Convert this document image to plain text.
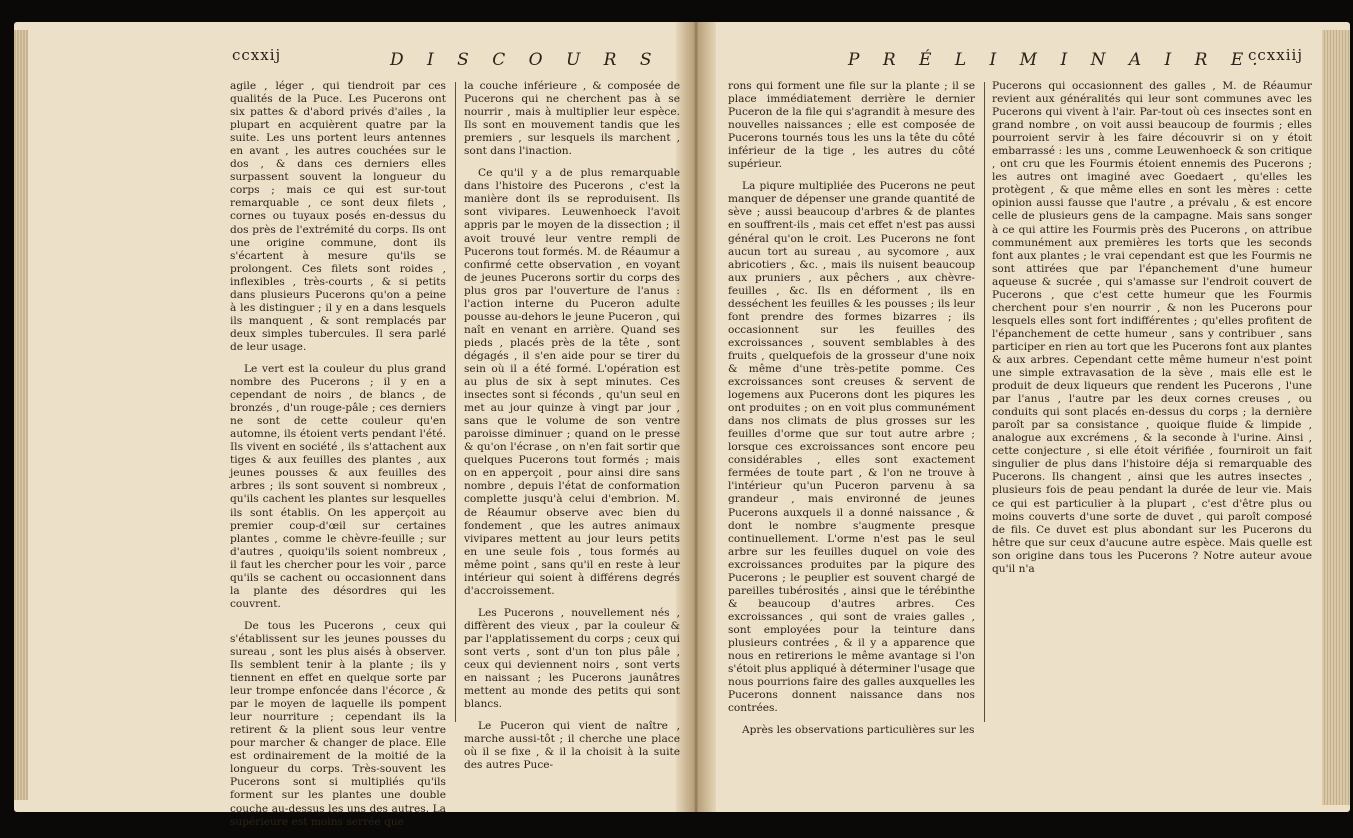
ccxxij	D I S C O U R S

agile , léger , qui tiendroit par ces qualités de la Puce. Les Pucerons ont six pattes & d'abord privés d'ailes , la plupart en acquièrent quatre par la suite. Les uns portent leurs antennes en avant , les autres couchées sur le dos , & dans ces derniers elles surpassent souvent la longueur du corps ; mais ce qui est sur-tout remarquable , ce sont deux filets , cornes ou tuyaux posés en-dessus du dos près de l'extrémité du corps. Ils ont une origine commune, dont ils s'écartent à mesure qu'ils se prolongent. Ces filets sont roides , inflexibles , très-courts , & si petits dans plusieurs Pucerons qu'on a peine à les distinguer ; il y en a dans lesquels ils manquent , & sont remplacés par deux simples tubercules. Il sera parlé de leur usage.

Le vert est la couleur du plus grand nombre des Pucerons ; il y en a cependant de noirs , de blancs , de bronzés , d'un rouge-pâle ; ces derniers ne sont de cette couleur qu'en automne, ils étoient verts pendant l'été. Ils vivent en société , ils s'attachent aux tiges & aux feuilles des plantes , aux jeunes pousses & aux feuilles des arbres ; ils sont souvent si nombreux , qu'ils cachent les plantes sur lesquelles ils sont établis. On les apperçoit au premier coup-d'œil sur certaines plantes , comme le chèvre-feuille ; sur d'autres , quoiqu'ils soient nombreux , il faut les chercher pour les voir , parce qu'ils se cachent ou occasionnent dans la plante des désordres qui les couvrent.

De tous les Pucerons , ceux qui s'établissent sur les jeunes pousses du sureau , sont les plus aisés à observer. Ils semblent tenir à la plante ; ils y tiennent en effet en quelque sorte par leur trompe enfoncée dans l'écorce , & par le moyen de laquelle ils pompent leur nourriture ; cependant ils la retirent & la plient sous leur ventre pour marcher & changer de place. Elle est ordinairement de la moitié de la longueur du corps. Très-souvent les Pucerons sont si multipliés qu'ils forment sur les plantes une double couche au-dessus les uns des autres. La supérieure est moins serrée que

la couche inférieure , & composée de Pucerons qui ne cherchent pas à se nourrir , mais à multiplier leur espèce. Ils sont en mouvement tandis que les premiers , sur lesquels ils marchent , sont dans l'inaction.

Ce qu'il y a de plus remarquable dans l'histoire des Pucerons , c'est la manière dont ils se reproduisent. Ils sont vivipares. Leuwenhoeck l'avoit appris par le moyen de la dissection ; il avoit trouvé leur ventre rempli de Pucerons tout formés. M. de Réaumur a confirmé cette observation , en voyant de jeunes Pucerons sortir du corps des plus gros par l'ouverture de l'anus : l'action interne du Puceron adulte pousse au-dehors le jeune Puceron , qui naît en venant en arrière. Quand ses pieds , placés près de la tête , sont dégagés , il s'en aide pour se tirer du sein où il a été formé. L'opération est au plus de six à sept minutes. Ces insectes sont si féconds , qu'un seul en met au jour quinze à vingt par jour , sans que le volume de son ventre paroisse diminuer ; quand on le presse & qu'on l'écrase , on n'en fait sortir que quelques Pucerons tout formés ; mais on en apperçoit , pour ainsi dire sans nombre , depuis l'état de conformation complette jusqu'à celui d'embrion. M. de Réaumur observe avec bien du fondement , que les autres animaux vivipares mettent au jour leurs petits en une seule fois , tous formés au même point , sans qu'il en reste à leur intérieur qui soient à différens degrés d'accroissement.

Les Pucerons , nouvellement nés , diffèrent des vieux , par la couleur & par l'applatissement du corps ; ceux qui sont verts , sont d'un ton plus pâle , ceux qui deviennent noirs , sont verts en naissant ; les Pucerons jaunâtres mettent au monde des petits qui sont blancs.

Le Puceron qui vient de naître , marche aussi-tôt ; il cherche une place où il se fixe , & il la choisit à la suite des autres Puce-

P R É L I M I N A I R E.
ccxxiij

rons qui forment une file sur la plante ; il se place immédiatement derrière le dernier Puceron de la file qui s'agrandit à mesure des nouvelles naissances ; elle est composée de Pucerons tournés tous les uns la tête du côté inférieur de la tige , les autres du côté supérieur.

La piqure multipliée des Pucerons ne peut manquer de dépenser une grande quantité de sève ; aussi beaucoup d'arbres & de plantes en souffrent-ils , mais cet effet n'est pas aussi général qu'on le croit. Les Pucerons ne font aucun tort au sureau , au sycomore , aux abricotiers , &c. , mais ils nuisent beaucoup aux pruniers , aux pêchers , aux chèvre-feuilles , &c. Ils en déforment , ils en desséchent les feuilles & les pousses ; ils leur font prendre des formes bizarres ; ils occasionnent sur les feuilles des excroissances , souvent semblables à des fruits , quelquefois de la grosseur d'une noix & même d'une très-petite pomme. Ces excroissances sont creuses & servent de logemens aux Pucerons dont les piqures les ont produites ; on en voit plus communément dans nos climats de plus grosses sur les feuilles d'orme que sur tout autre arbre ; lorsque ces excroissances sont encore peu considérables , elles sont exactement fermées de toute part , & l'on ne trouve à l'intérieur qu'un Puceron parvenu à sa grandeur , mais environné de jeunes Pucerons auxquels il a donné naissance , & dont le nombre s'augmente presque continuellement. L'orme n'est pas le seul arbre sur les feuilles duquel on voie des excroissances produites par la piqure des Pucerons ; le peuplier est souvent chargé de pareilles tubérosités , ainsi que le térébinthe & beaucoup d'autres arbres. Ces excroissances , qui sont de vraies galles , sont employées pour la teinture dans plusieurs contrées , & il y a apparence que nous en retirerions le même avantage si l'on s'étoit plus appliqué à déterminer l'usage que nous pourrions faire des galles auxquelles les Pucerons donnent naissance dans nos contrées.

Après les observations particulières sur les

Pucerons qui occasionnent des galles , M. de Réaumur revient aux généralités qui leur sont communes avec les Pucerons qui vivent à l'air. Par-tout où ces insectes sont en grand nombre , on voit aussi beaucoup de fourmis ; elles pourroient servir à les faire découvrir si on y étoit embarrassé : les uns , comme Leuwenhoeck & son critique , ont cru que les Fourmis étoient ennemis des Pucerons ; les autres ont imaginé avec Goedaert , qu'elles les protègent , & que même elles en sont les mères : cette opinion aussi fausse que l'autre , a prévalu , & est encore celle de plusieurs gens de la campagne. Mais sans songer à ce qui attire les Fourmis près des Pucerons , on attribue communément aux premières les torts que les seconds font aux plantes ; le vrai cependant est que les Fourmis ne sont attirées que par l'épanchement d'une humeur aqueuse & sucrée , qui s'amasse sur l'endroit couvert de Pucerons , que c'est cette humeur que les Fourmis cherchent pour s'en nourrir , & non les Pucerons pour lesquels elles sont fort indifférentes ; qu'elles profitent de l'épanchement de cette humeur , sans y contribuer , sans participer en rien au tort que les Pucerons font aux plantes & aux arbres. Cependant cette même humeur n'est point une simple extravasation de la sève , mais elle est le produit de deux liqueurs que rendent les Pucerons , l'une par l'anus , l'autre par les deux cornes creuses , ou conduits qui sont placés en-dessus du corps ; la dernière paroît par sa consistance , quoique fluide & limpide , analogue aux excrémens , & la seconde à l'urine. Ainsi , cette conjecture , si elle étoit vérifiée , fourniroit un fait singulier de plus dans l'histoire déja si remarquable des Pucerons. Ils changent , ainsi que les autres insectes , plusieurs fois de peau pendant la durée de leur vie. Mais ce qui est particulier à la plupart , c'est d'être plus ou moins couverts d'une sorte de duvet , qui paroît composé de fils. Ce duvet est plus abondant sur les Pucerons du hêtre que sur ceux d'aucune autre espèce. Mais quelle est son origine dans tous les Pucerons ? Notre auteur avoue qu'il n'a
